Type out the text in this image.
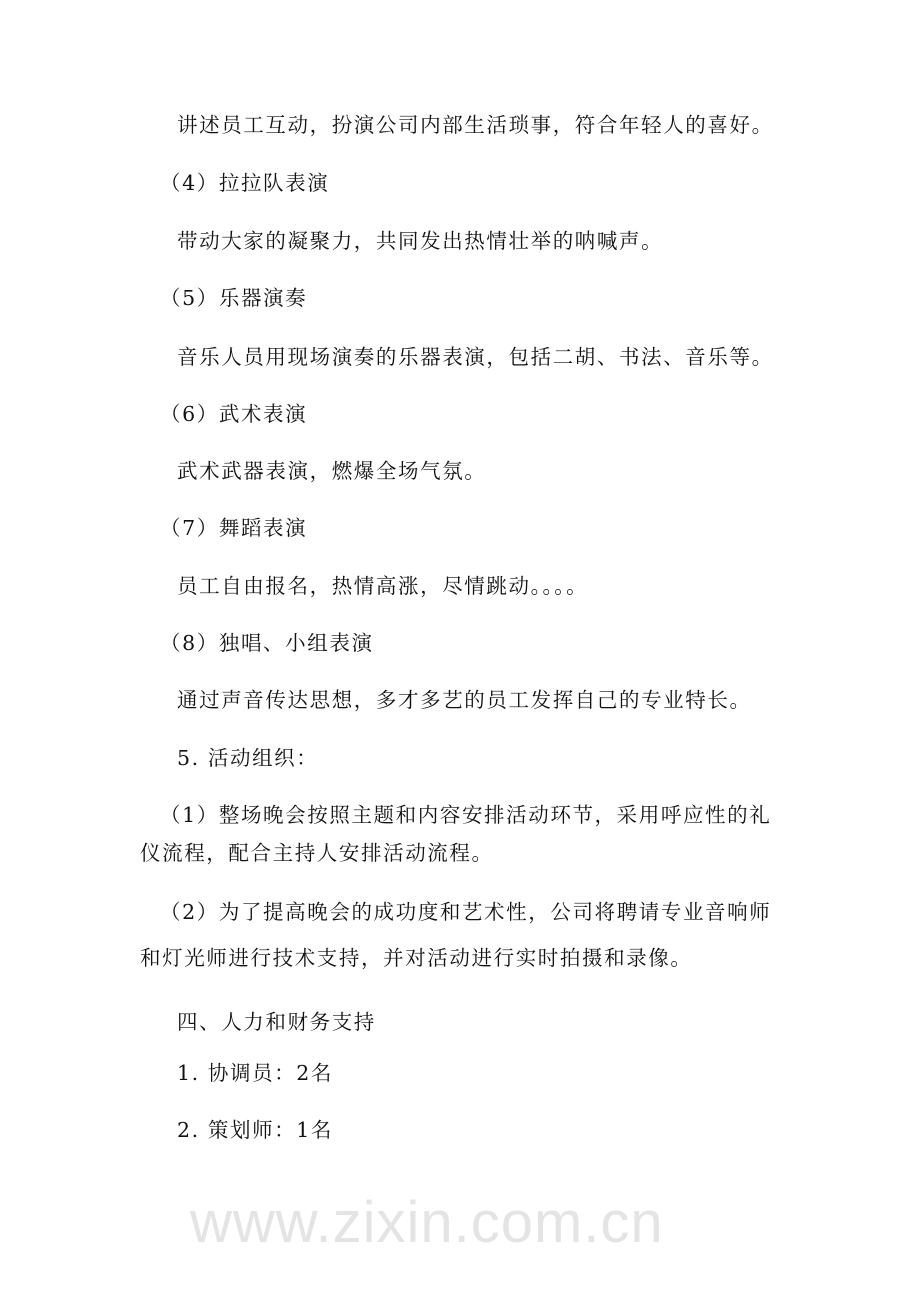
www.zixin.com.cn
讲述员工互动，扮演公司内部生活琐事，符合年轻人的喜好。
（4）拉拉队表演
带动大家的凝聚力，共同发出热情壮举的呐喊声。
（5）乐器演奏
音乐人员用现场演奏的乐器表演，包括二胡、书法、音乐等。
（6）武术表演
武术武器表演，燃爆全场气氛。
（7）舞蹈表演
员工自由报名，热情高涨，尽情跳动。。。。
（8）独唱、小组表演
通过声音传达思想，多才多艺的员工发挥自己的专业特长。
5. 活动组织：
（1）整场晚会按照主题和内容安排活动环节，采用呼应性的礼
仪流程，配合主持人安排活动流程。
（2）为了提高晚会的成功度和艺术性，公司将聘请专业音响师
和灯光师进行技术支持，并对活动进行实时拍摄和录像。
四、人力和财务支持
1. 协调员：2名
2. 策划师：1名
